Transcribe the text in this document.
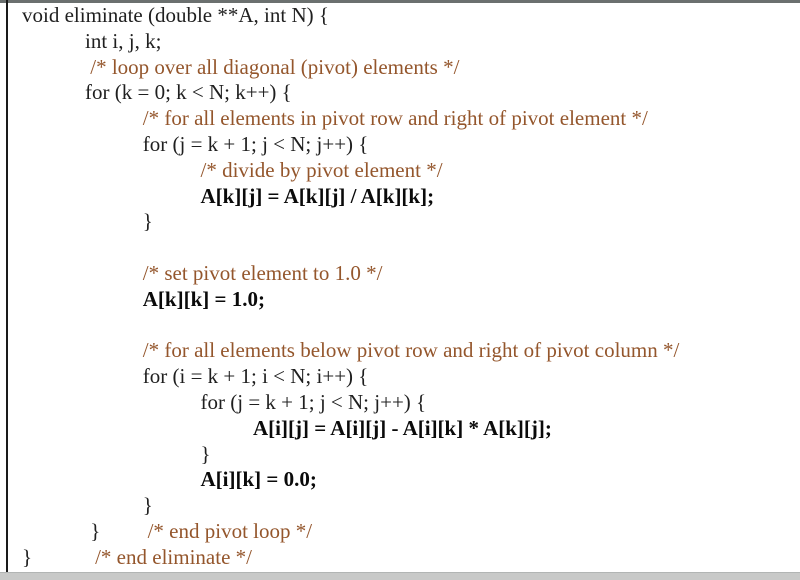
void eliminate (double **A, int N) {
int i, j, k;
/* loop over all diagonal (pivot) elements */
for (k = 0; k < N; k++) {
/* for all elements in pivot row and right of pivot element */
for (j = k + 1; j < N; j++) {
/* divide by pivot element */
A[k][j] = A[k][j] / A[k][k];
}
/* set pivot element to 1.0 */
A[k][k] = 1.0;
/* for all elements below pivot row and right of pivot column */
for (i = k + 1; i < N; i++) {
for (j = k + 1; j < N; j++) {
A[i][j] = A[i][j] - A[i][k] * A[k][j];
}
A[i][k] = 0.0;
}
} /* end pivot loop */
}	/* end eliminate */
